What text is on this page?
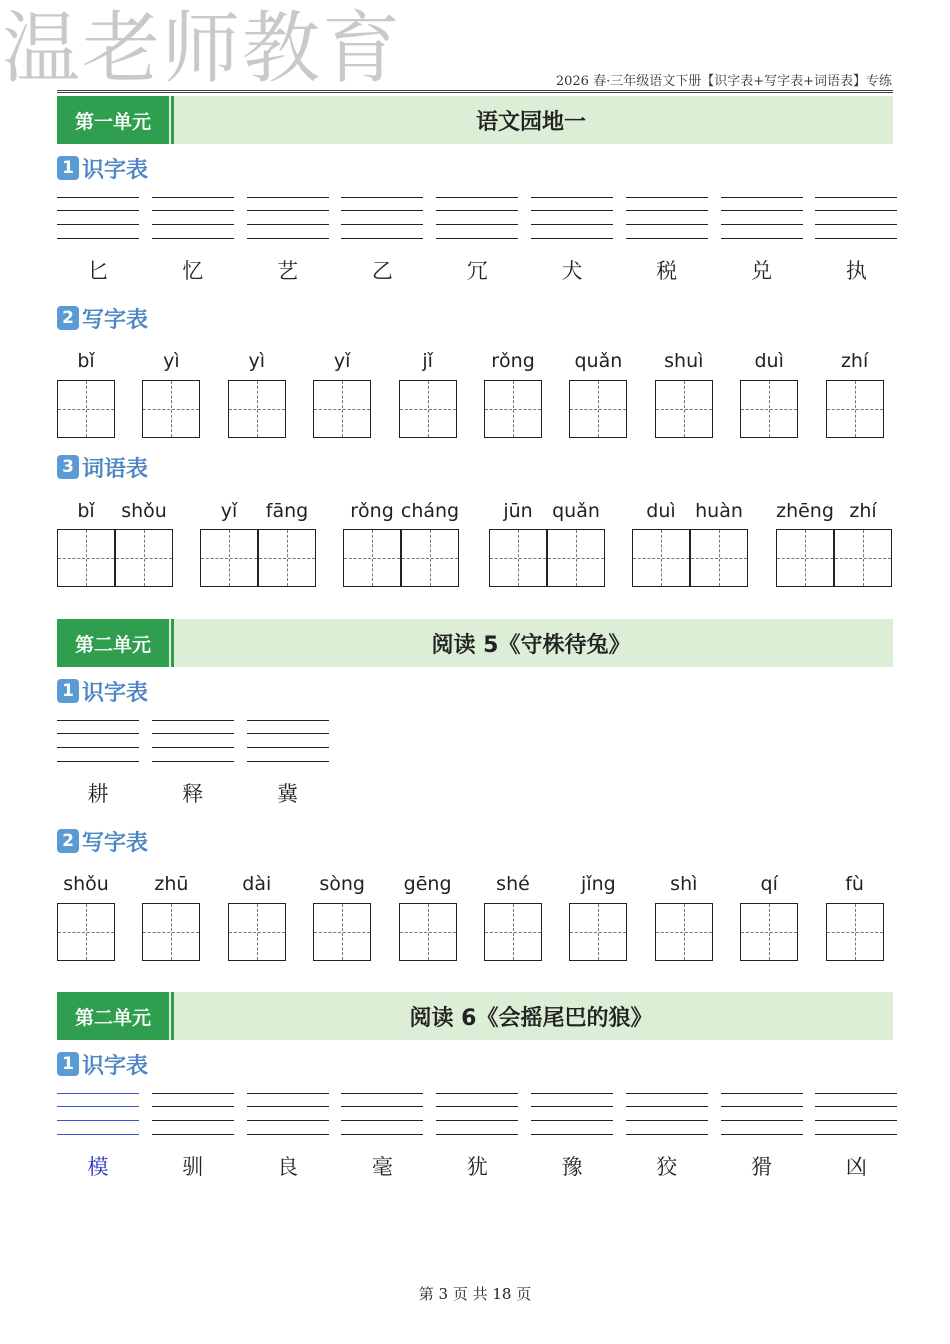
温老师教育	2026 春·三年级语文下册【识字表+写字表+词语表】专练
第一单元	语文园地一
1 识字表
匕	忆	艺	乙	冗	犬	税	兑	执
2 写字表
bǐ	yì	yì	yǐ	jǐ	rǒng	quǎn	shuì	duì	zhí
3 词语表
bǐ	shǒu	yǐ	fāng	rǒng cháng	jūn	quǎn	duì	huàn	zhēng zhí
第二单元	阅读 5《守株待兔》
1 识字表
耕	释	冀
2 写字表
shǒu	zhū	dài	sòng	gēng	shé	jǐng	shì	qí	fù
第二单元	阅读 6《会摇尾巴的狼》
1 识字表
模	驯	良	毫	犹	豫	狡	猾	凶
第 3 页 共 18 页
